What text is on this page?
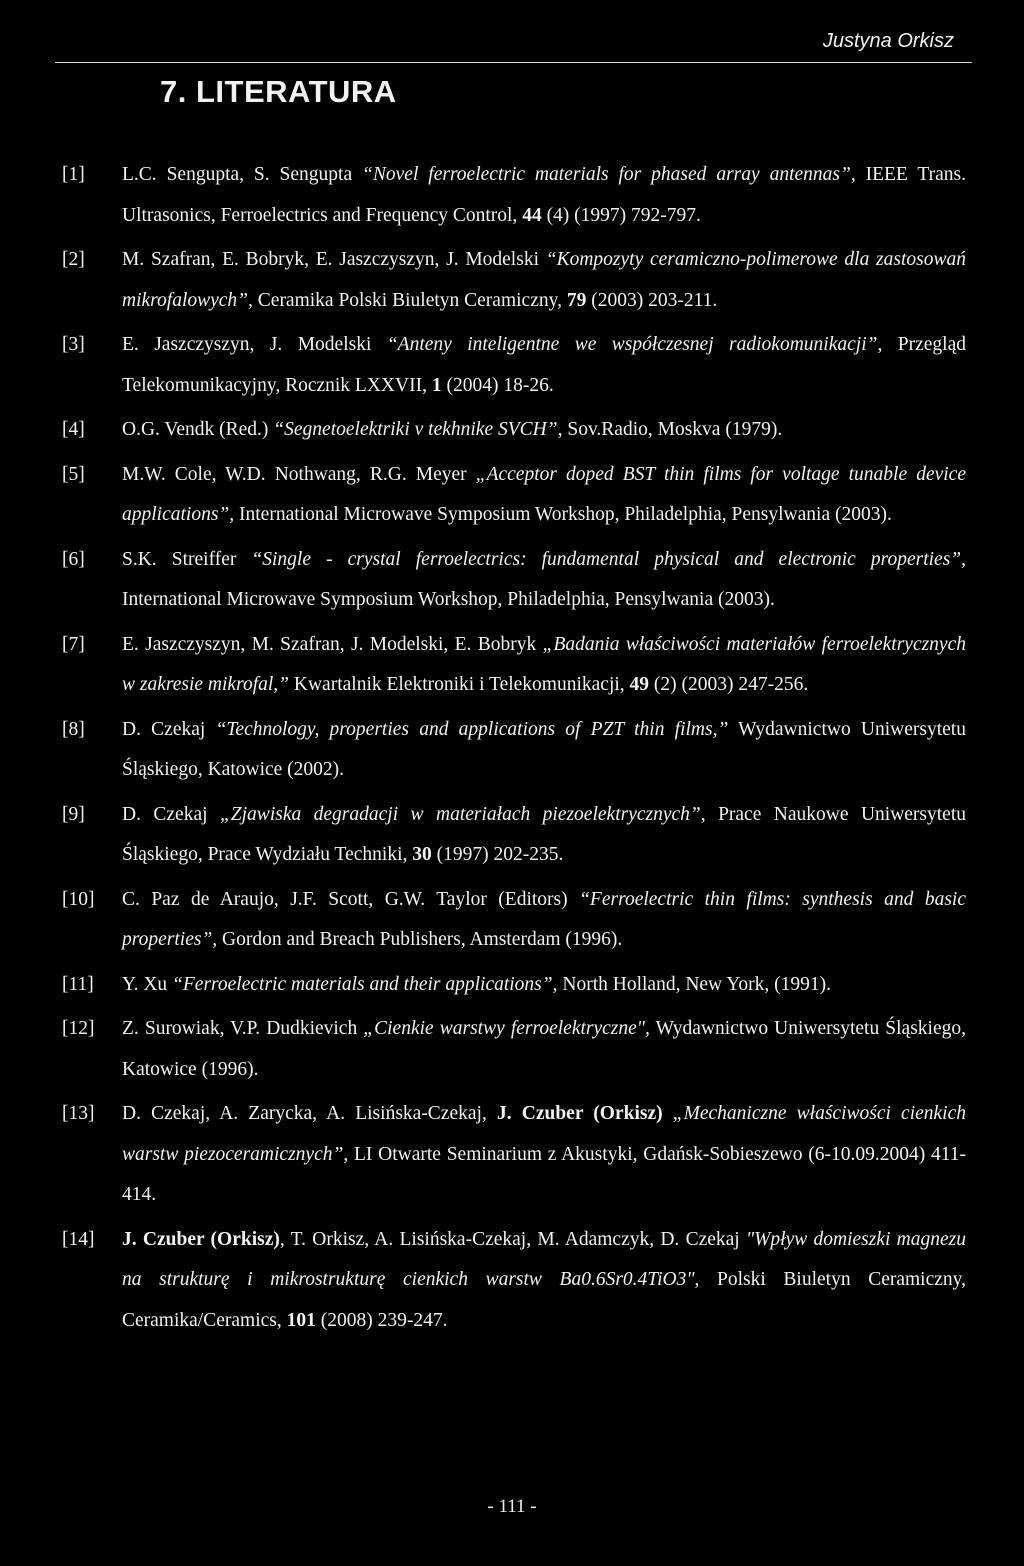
Justyna Orkisz
7. LITERATURA
[1]	L.C. Sengupta, S. Sengupta “Novel ferroelectric materials for phased array antennas”, IEEE Trans. Ultrasonics, Ferroelectrics and Frequency Control, 44 (4) (1997) 792-797.
[2]	M. Szafran, E. Bobryk, E. Jaszczyszyn, J. Modelski “Kompozyty ceramiczno-polimerowe dla zastosowań mikrofalowych”, Ceramika Polski Biuletyn Ceramiczny, 79 (2003) 203-211.
[3]	E. Jaszczyszyn, J. Modelski “Anteny inteligentne we współczesnej radiokomunikacji”, Przegląd Telekomunikacyjny, Rocznik LXXVII, 1 (2004) 18-26.
[4]	O.G. Vendk (Red.) “Segnetoelektriki v tekhnike SVCH”, Sov.Radio, Moskva (1979).
[5]	M.W. Cole, W.D. Nothwang, R.G. Meyer „Acceptor doped BST thin films for voltage tunable device applications”, International Microwave Symposium Workshop, Philadelphia, Pensylwania (2003).
[6]	S.K. Streiffer “Single - crystal ferroelectrics: fundamental physical and electronic properties”, International Microwave Symposium Workshop, Philadelphia, Pensylwania (2003).
[7]	E. Jaszczyszyn, M. Szafran, J. Modelski, E. Bobryk „Badania właściwości materiałów ferroelektrycznych w zakresie mikrofal,” Kwartalnik Elektroniki i Telekomunikacji, 49 (2) (2003) 247-256.
[8]	D. Czekaj “Technology, properties and applications of PZT thin films,” Wydawnictwo Uniwersytetu Śląskiego, Katowice (2002).
[9]	D. Czekaj „Zjawiska degradacji w materiałach piezoelektrycznych”, Prace Naukowe Uniwersytetu Śląskiego, Prace Wydziału Techniki, 30 (1997) 202-235.
[10]	C. Paz de Araujo, J.F. Scott, G.W. Taylor (Editors) “Ferroelectric thin films: synthesis and basic properties”, Gordon and Breach Publishers, Amsterdam (1996).
[11]	Y. Xu “Ferroelectric materials and their applications”, North Holland, New York, (1991).
[12]	Z. Surowiak, V.P. Dudkievich „Cienkie warstwy ferroelektryczne", Wydawnictwo Uniwersytetu Śląskiego, Katowice (1996).
[13]	D. Czekaj, A. Zarycka, A. Lisińska-Czekaj, J. Czuber (Orkisz) „Mechaniczne właściwości cienkich warstw piezoceramicznych”, LI Otwarte Seminarium z Akustyki, Gdańsk-Sobieszewo (6-10.09.2004) 411-414.
[14]	J. Czuber (Orkisz), T. Orkisz, A. Lisińska-Czekaj, M. Adamczyk, D. Czekaj "Wpływ domieszki magnezu na strukturę i mikrostrukturę cienkich warstw Ba0.6Sr0.4TiO3", Polski Biuletyn Ceramiczny, Ceramika/Ceramics, 101 (2008) 239-247.
- 111 -
